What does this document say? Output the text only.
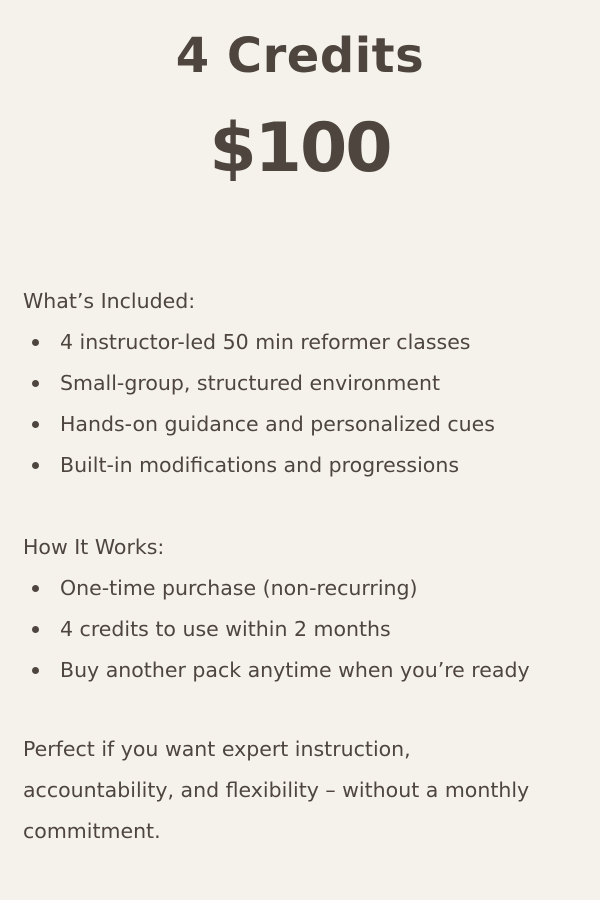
4 Credits
$100
What’s Included:
4 instructor-led 50 min reformer classes
Small-group, structured environment
Hands-on guidance and personalized cues
Built-in modifications and progressions
How It Works:
One-time purchase (non-recurring)
4 credits to use within 2 months
Buy another pack anytime when you’re ready
Perfect if you want expert instruction, accountability, and flexibility – without a monthly commitment.
